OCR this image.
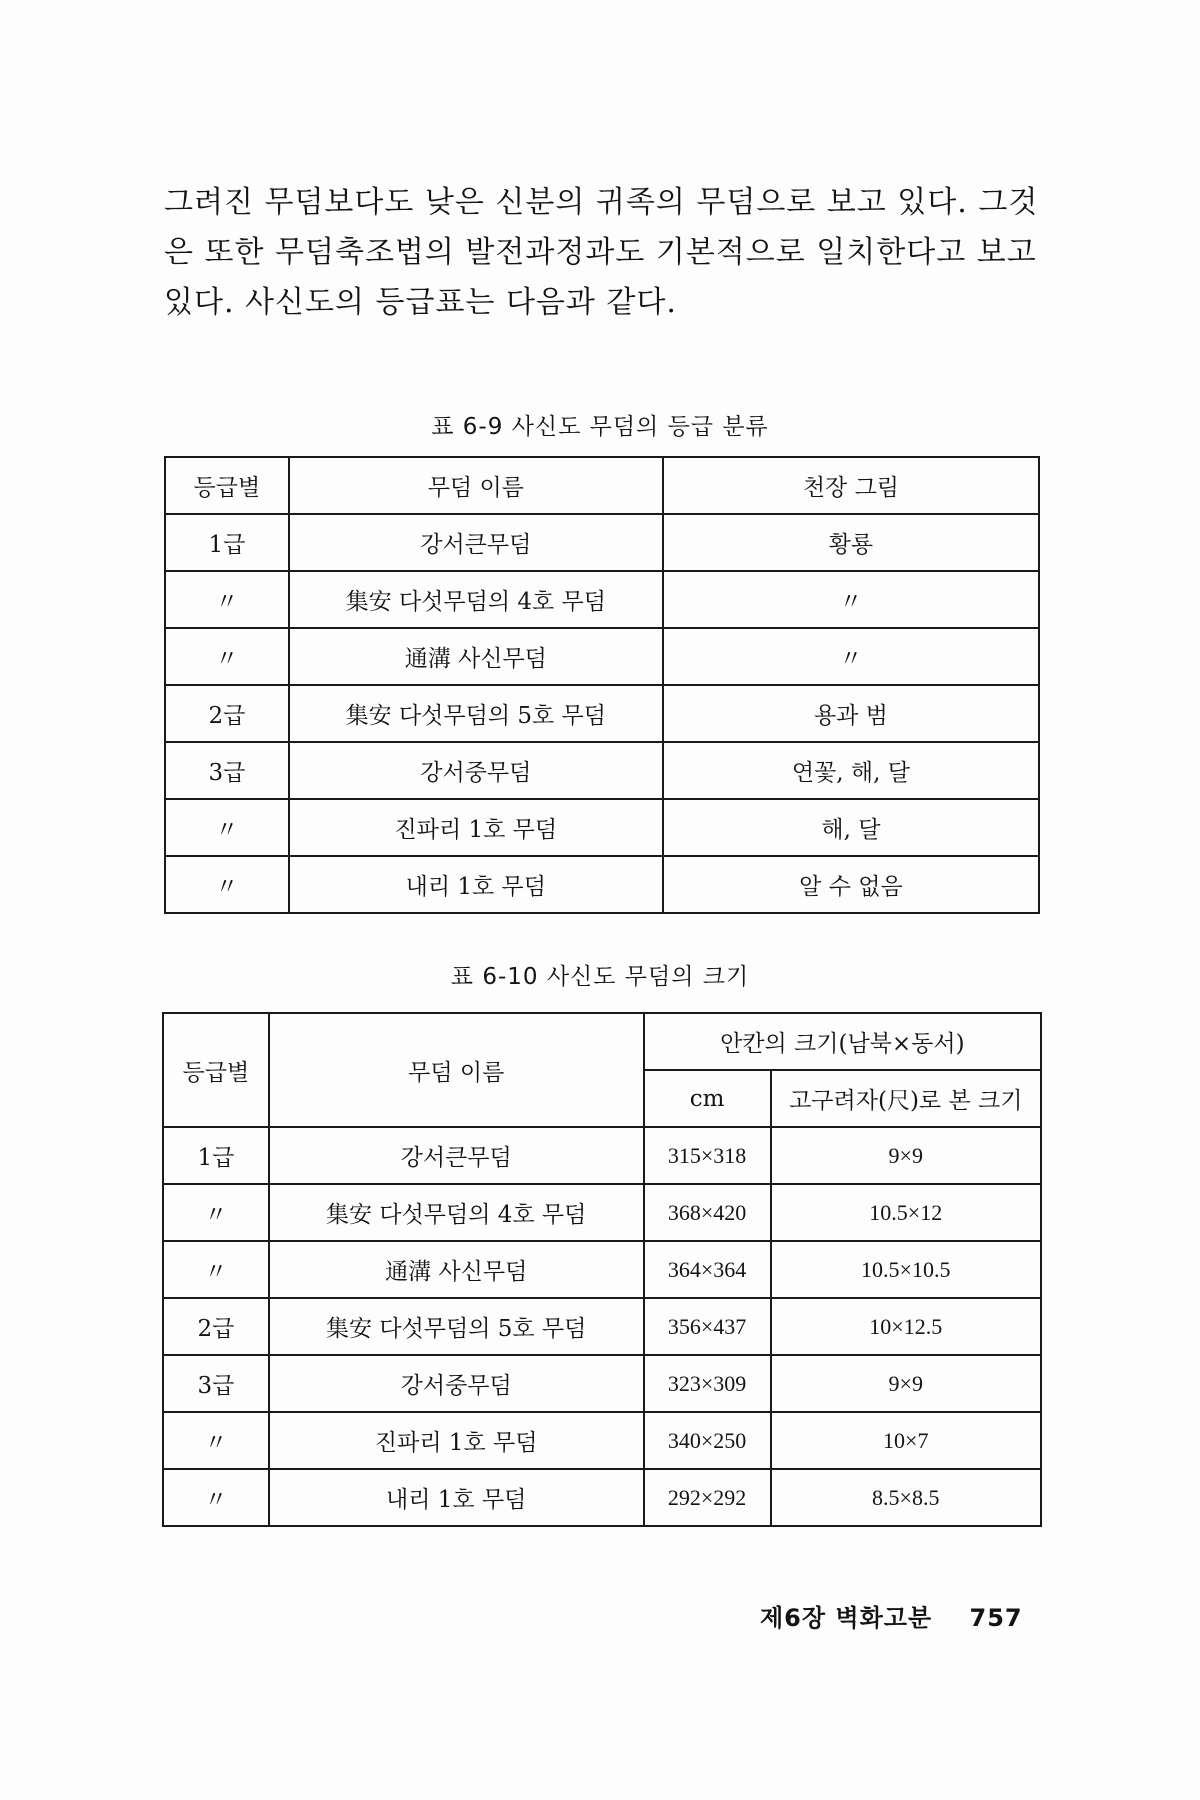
그려진 무덤보다도 낮은 신분의 귀족의 무덤으로 보고 있다. 그것은 또한 무덤축조법의 발전과정과도 기본적으로 일치한다고 보고 있다. 사신도의 등급표는 다음과 같다.

표 6-9 사신도 무덤의 등급 분류
등급별	무덤 이름	천장 그림
1급	강서큰무덤	황룡
〃	集安 다섯무덤의 4호 무덤	〃
〃	通溝 사신무덤	〃
2급	集安 다섯무덤의 5호 무덤	용과 범
3급	강서중무덤	연꽃, 해, 달
〃	진파리 1호 무덤	해, 달
〃	내리 1호 무덤	알 수 없음
표 6-10 사신도 무덤의 크기
등급별	무덤 이름	안칸의 크기(남북×동서)	
		cm	고구려자(尺)로 본 크기
1급	강서큰무덤	315×318	9×9
〃	集安 다섯무덤의 4호 무덤	368×420	10.5×12
〃	通溝 사신무덤	364×364	10.5×10.5
2급	集安 다섯무덤의 5호 무덤	356×437	10×12.5
3급	강서중무덤	323×309	9×9
〃	진파리 1호 무덤	340×250	10×7
〃	내리 1호 무덤	292×292	8.5×8.5
제6장 벽화고분 757
